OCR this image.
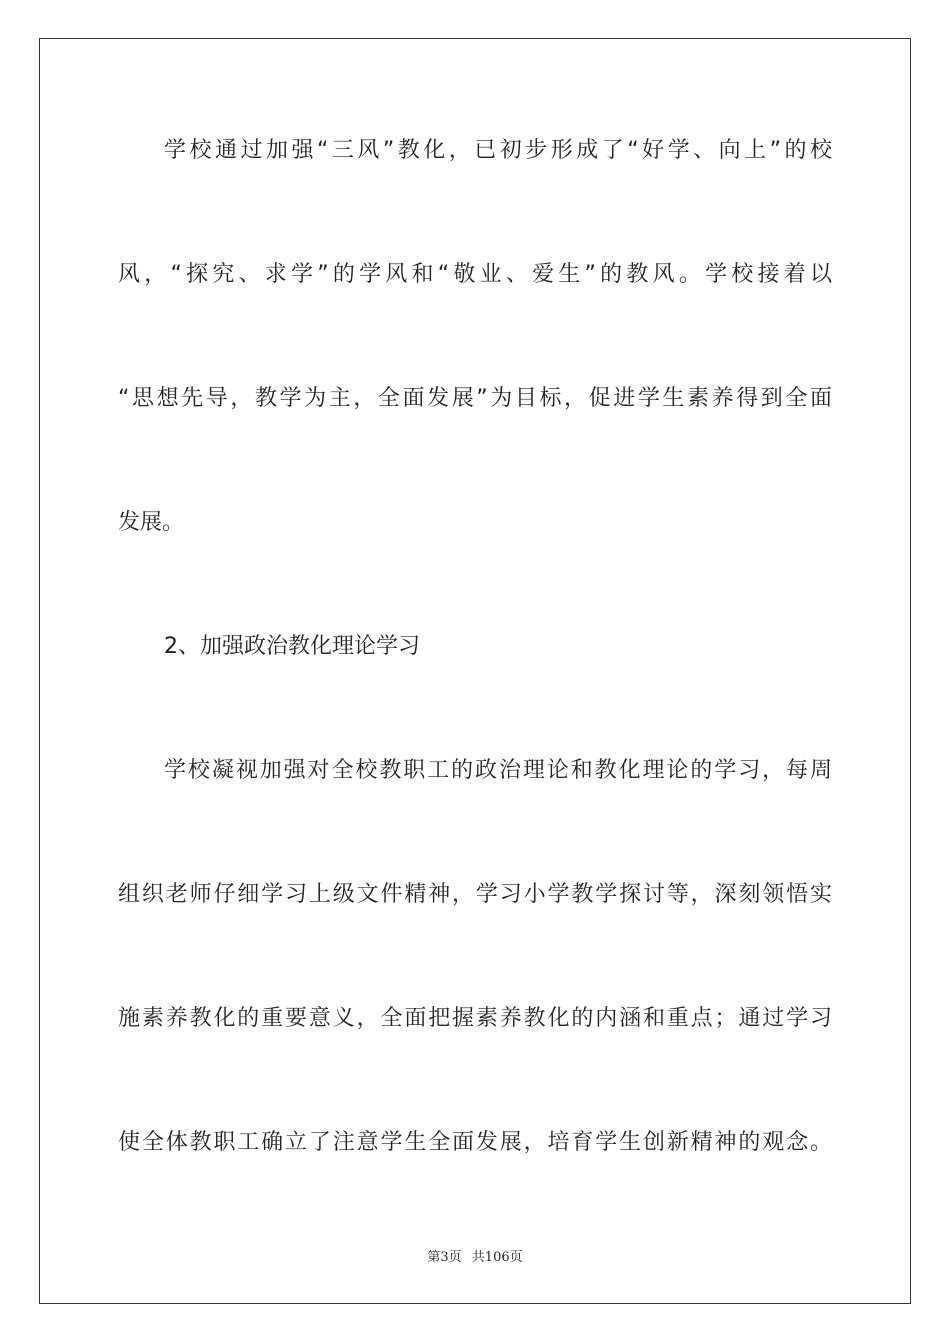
学校通过加强“三风”教化，已初步形成了“好学、向上”的校
风，“探究、求学”的学风和“敬业、爱生”的教风。学校接着以
“思想先导，教学为主，全面发展”为目标，促进学生素养得到全面
发展。
2、加强政治教化理论学习
学校凝视加强对全校教职工的政治理论和教化理论的学习，每周
组织老师仔细学习上级文件精神，学习小学教学探讨等，深刻领悟实
施素养教化的重要意义，全面把握素养教化的内涵和重点；通过学习
使全体教职工确立了注意学生全面发展，培育学生创新精神的观念。
第3页 共106页
